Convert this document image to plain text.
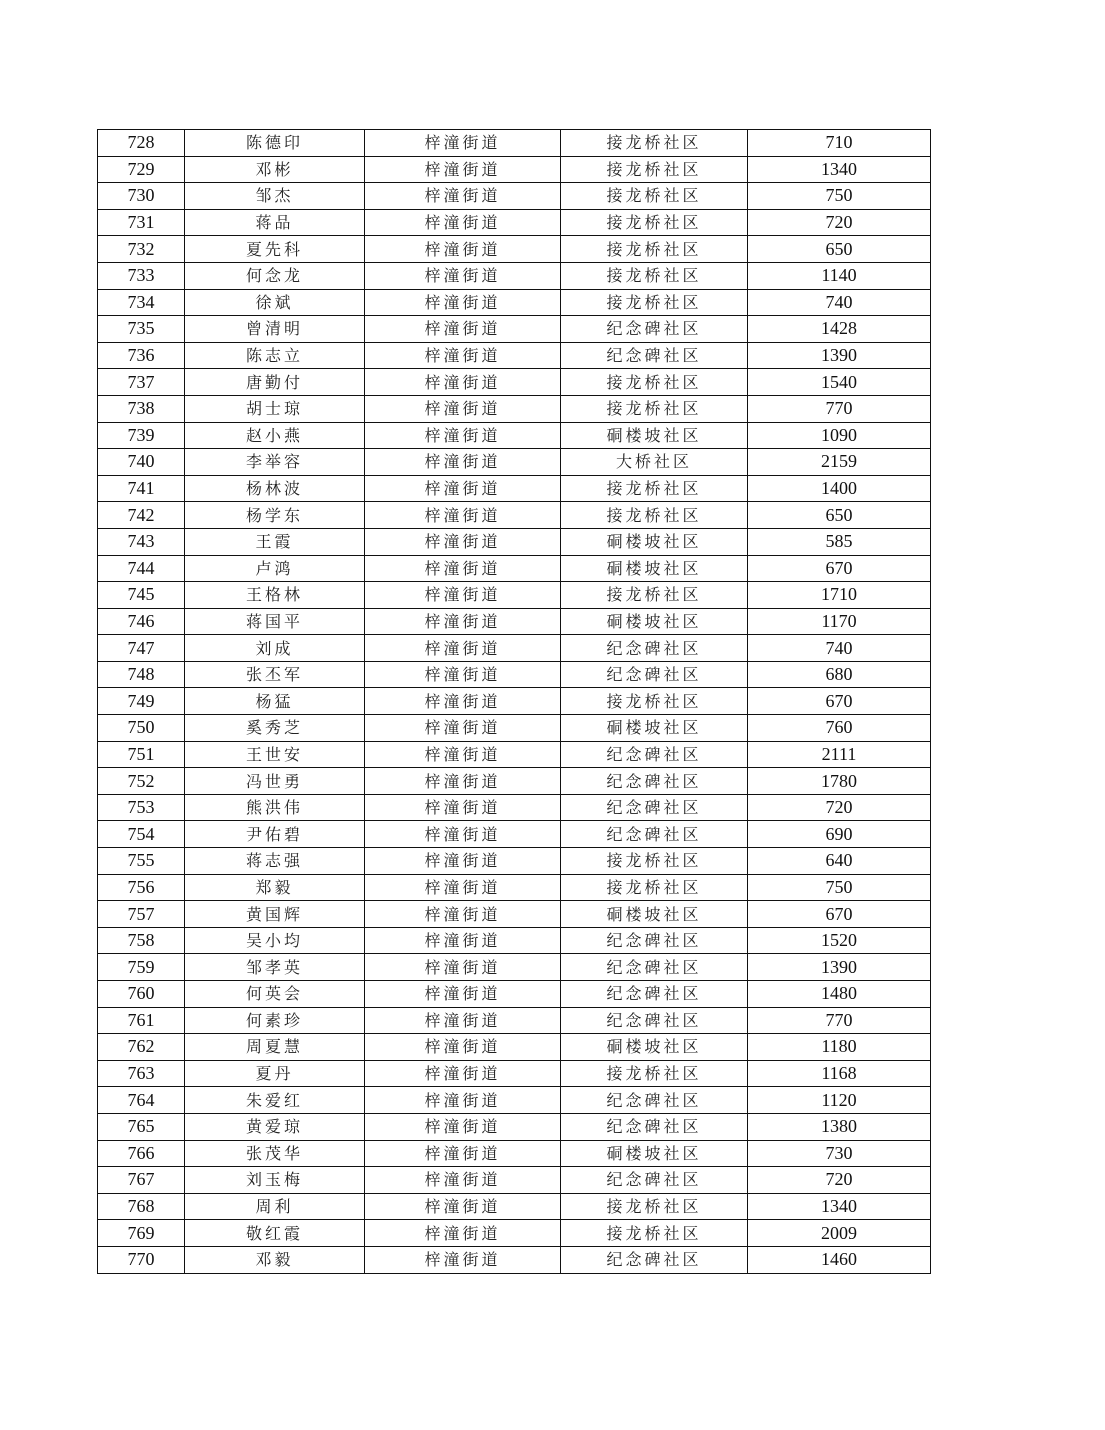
728	陈德印	梓潼街道	接龙桥社区	710
729	邓彬	梓潼街道	接龙桥社区	1340
730	邹杰	梓潼街道	接龙桥社区	750
731	蒋品	梓潼街道	接龙桥社区	720
732	夏先科	梓潼街道	接龙桥社区	650
733	何念龙	梓潼街道	接龙桥社区	1140
734	徐斌	梓潼街道	接龙桥社区	740
735	曾清明	梓潼街道	纪念碑社区	1428
736	陈志立	梓潼街道	纪念碑社区	1390
737	唐勤付	梓潼街道	接龙桥社区	1540
738	胡士琼	梓潼街道	接龙桥社区	770
739	赵小燕	梓潼街道	硐楼坡社区	1090
740	李举容	梓潼街道	大桥社区	2159
741	杨林波	梓潼街道	接龙桥社区	1400
742	杨学东	梓潼街道	接龙桥社区	650
743	王霞	梓潼街道	硐楼坡社区	585
744	卢鸿	梓潼街道	硐楼坡社区	670
745	王格林	梓潼街道	接龙桥社区	1710
746	蒋国平	梓潼街道	硐楼坡社区	1170
747	刘成	梓潼街道	纪念碑社区	740
748	张丕军	梓潼街道	纪念碑社区	680
749	杨猛	梓潼街道	接龙桥社区	670
750	奚秀芝	梓潼街道	硐楼坡社区	760
751	王世安	梓潼街道	纪念碑社区	2111
752	冯世勇	梓潼街道	纪念碑社区	1780
753	熊洪伟	梓潼街道	纪念碑社区	720
754	尹佑碧	梓潼街道	纪念碑社区	690
755	蒋志强	梓潼街道	接龙桥社区	640
756	郑毅	梓潼街道	接龙桥社区	750
757	黄国辉	梓潼街道	硐楼坡社区	670
758	吴小均	梓潼街道	纪念碑社区	1520
759	邹孝英	梓潼街道	纪念碑社区	1390
760	何英会	梓潼街道	纪念碑社区	1480
761	何素珍	梓潼街道	纪念碑社区	770
762	周夏慧	梓潼街道	硐楼坡社区	1180
763	夏丹	梓潼街道	接龙桥社区	1168
764	朱爱红	梓潼街道	纪念碑社区	1120
765	黄爱琼	梓潼街道	纪念碑社区	1380
766	张茂华	梓潼街道	硐楼坡社区	730
767	刘玉梅	梓潼街道	纪念碑社区	720
768	周利	梓潼街道	接龙桥社区	1340
769	敬红霞	梓潼街道	接龙桥社区	2009
770	邓毅	梓潼街道	纪念碑社区	1460
